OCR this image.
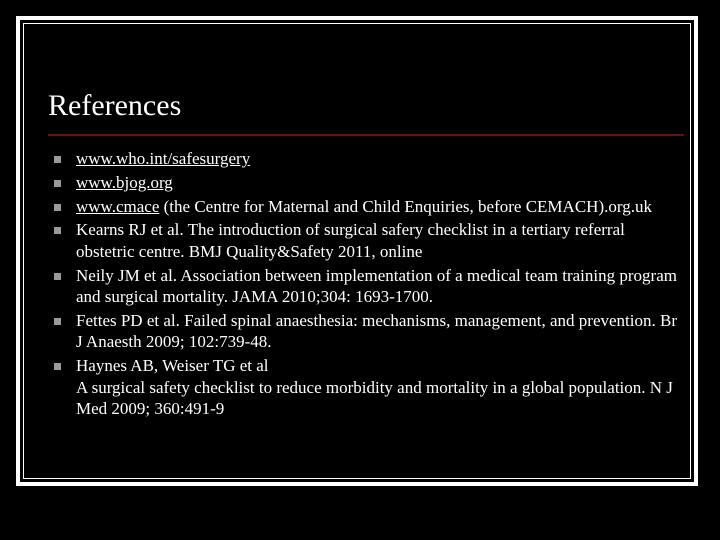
References
www.who.int/safesurgery
www.bjog.org
www.cmace (the Centre for Maternal and Child Enquiries, before CEMACH).org.uk
Kearns RJ et al. The introduction of surgical safery checklist in a tertiary referral obstetric centre. BMJ Quality&Safety 2011, online
Neily JM et al. Association between implementation of a medical team training program and surgical mortality. JAMA 2010;304: 1693-1700.
Fettes PD et al. Failed spinal anaesthesia: mechanisms, management, and prevention. Br J Anaesth 2009; 102:739-48.
Haynes AB, Weiser TG et al
A surgical safety checklist to reduce morbidity and mortality in a global population. N J Med 2009; 360:491-9
